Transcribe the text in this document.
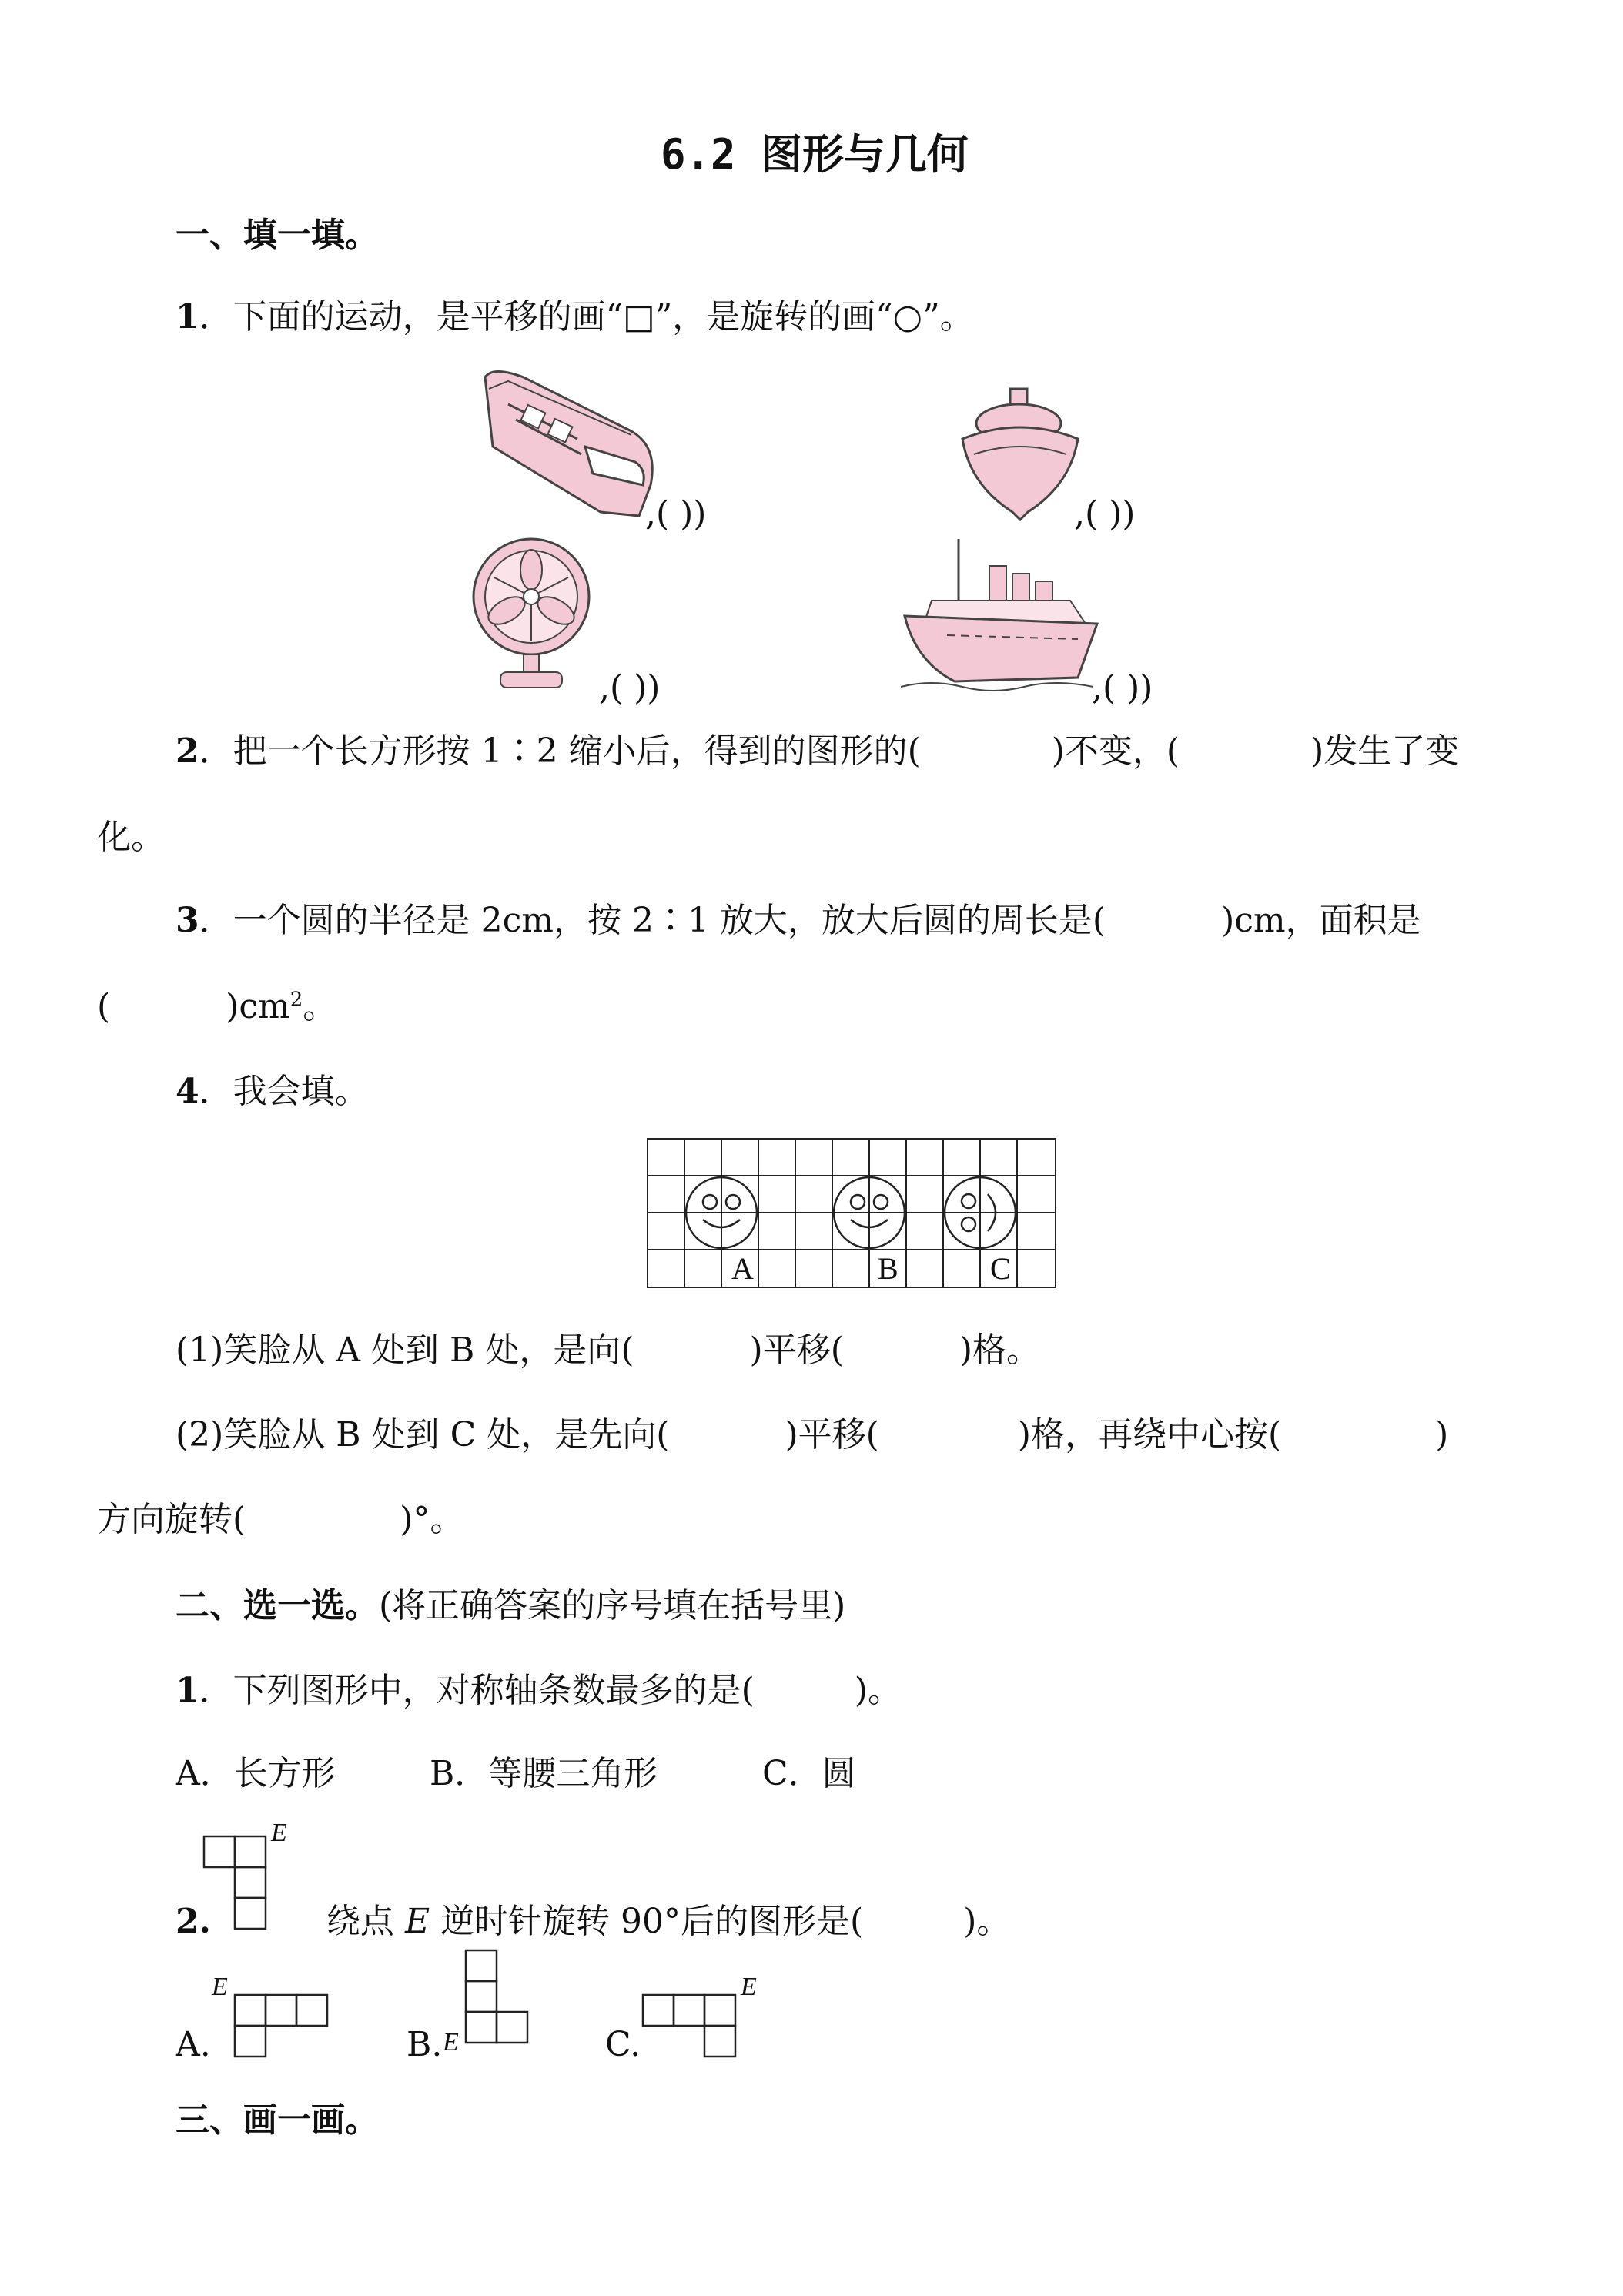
6.2 图形与几何
一、填一填。
1．下面的运动，是平移的画“□”，是旋转的画“○”。
,( ))	,( ))
,( ))	,( ))
2．把一个长方形按 1∶2 缩小后，得到的图形的(	)不变，(	)发生了变
化。
3．一个圆的半径是 2cm，按 2∶1 放大，放大后圆的周长是(	)cm，面积是
(	)$cm^2$。
4．我会填。
A	B	C
(1)笑脸从 A 处到 B 处，是向(	)平移(	)格。
(2)笑脸从 B 处到 C 处，是先向(	)平移(	)格，再绕中心按(	)
方向旋转(	)°。
二、选一选。(将正确答案的序号填在括号里)
1．下列图形中，对称轴条数最多的是(	)。
A．长方形	B．等腰三角形	C．圆
E
2.	绕点 E 逆时针旋转 90°后的图形是(	)。
A.
E
B. E	C.
E
三、画一画。
